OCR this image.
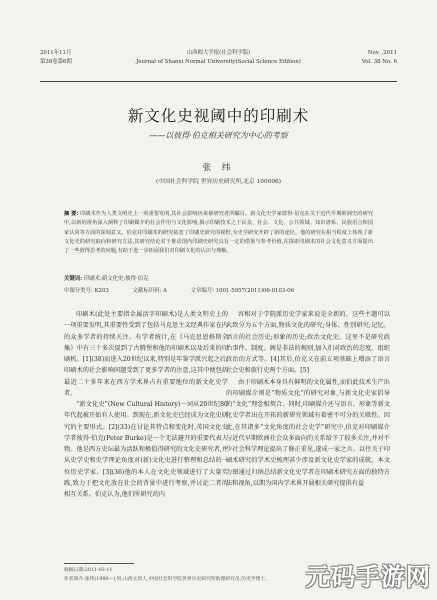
2011年11月	山西师大学报(社会科学版)	Nov. ,2011
第38卷第6期	Journal of Shanxi Normal University(Social Science Edition)	Vol. 38 No. 6
新文化史视阈中的印刷术
——以彼得·伯克相关研究为中心的考察
张 纬
(中国社会科学院 世界历史研究所,北京 100006)
摘 要: 印刷术作为人类文明史上一项重要发明,其社会影响历来被研究者所瞩目。新文化史学家彼得·伯克在关于近代早期欧洲史的研究中,以新的视角深入阐释了印刷媒介的社会作用与文化影响,揭示印刷技术之于民众、社会、文化、公共领域、知识谱系、民族语言和国家认同等方面的深刻意义。伯克对印刷术的研究拓宽了印刷史研究的视野,为史学研究开辟了新的途径。他的研究在相当程度上体现了新文化史的研究取向和研究方法,其研究结论对于推动国内印刷史研究具有一定的借鉴与参考价值,在探索印刷术的社会文化意义方面提出了一些值得思考的问题,有助于进一步拓展我们对印刷文化的认识与理解。
关键词: 印刷术;新文化史;彼得·伯克
中图分类号: K203	文献标识码: A	文章编号: 1001-5957(2011)06-0103-06

印刷术(此处主要指金属活字印刷术)是人类文明史上的一项重要发明,其重要性受到了包括马克思主义经典作家在内的众多学者的持续关注。有学者统计,在《马克思恩格斯全集》中有三十多次提到了古腾堡和他的印刷术以及后来的印刷机。[1](38)而进入20世纪以来,特别是年鉴学派兴起之后,印刷术的社会影响问题受到了更多学者的注意,这其中便包括最近二十多年来在西方学术界占有重要地位的新文化史学者。

“新文化史”(New Cultural History)一词从20世纪80年代起被开始有人使用。到现在,新文化史已经成为文化史研究的主要形式。[2](33)在讨论其特点和变化时,英国文化史学者彼得·伯克(Peter Burke)是一个无法避开的重要代表人物。他是西方史坛最为活跃和极值得研究的文化史研究者,并从史学史和史学理论角度对(新)文化史进行整理和总结的一位历史学家。[3](36)他的本人在文化史领域进行了大量实践,致力于把文化放在社会的背景中进行考察,并讨论二者的相互关系。伯克认为,他们所研究的内

容相对于学院派历史学家来说是全新的。这些主题可以大致分为五个方面,物质文化的研究;身体、性别研究;记忆、语言的社会历史;形象的历史;政治文化史。这里不是研究政治事件、制度、阁是非法的规则,加入们对政治的态度、组织政治的方式等。[4]其后,伯克又在前五项基础上增添了语言社会史和旅行史两个方面。[5]

由于印刷术本身具有鲜明的文化属性,而伯此技术生产出的印刷媒介则是“物质文化”的研究对象,与新文化史家倡导的“文化”理念相契合。同时,印刷媒介还与语言、形象等新文化史学者出在开拓的新研究领域有着密不可分的关联性。因此,在其诸多“文化角度的社会史学”研究中,伯克对印刷媒介与近代早期欧洲社会众多面向的关系给予了较多关注,并对不少社会科学理论提出了修正重见,遂成一家之言。以往关于印刷术研究的学术史梳理甚少涉及新文化史学家的成就。本文力图通过归纳总结新文化史学者在印刷术研究方面的独特方法和视角,以期为国内学术界开展相关研究提供有益

收稿日期:2011-03-11
作者简介:张纬(1980—),男,山西太原人,中国社会科学院世界历史研究所助理研究员,历史学博士。	元码手游网
